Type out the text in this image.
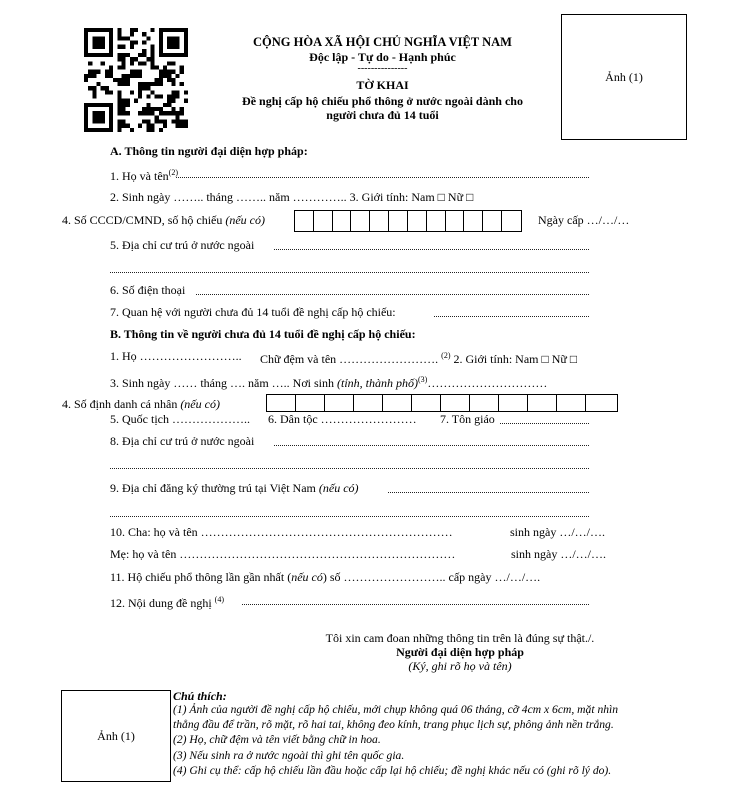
CỘNG HÒA XÃ HỘI CHỦ NGHĨA VIỆT NAM
Độc lập - Tự do - Hạnh phúc
---------------
TỜ KHAI
Đề nghị cấp hộ chiếu phổ thông ở nước ngoài dành cho
người chưa đủ 14 tuổi
Ảnh (1)
A. Thông tin người đại diện hợp pháp:
1. Họ và tên$^{(2)}$
2. Sinh ngày …….. tháng …….. năm ………….. 3. Giới tính: Nam □ Nữ □
4. Số CCCD/CMND, số hộ chiếu (nếu có)	Ngày cấp …/…/…
5. Địa chỉ cư trú ở nước ngoài
6. Số điện thoại
7. Quan hệ với người chưa đủ 14 tuổi đề nghị cấp hộ chiếu:
B. Thông tin về người chưa đủ 14 tuổi đề nghị cấp hộ chiếu:
1. Họ …………………….. Chữ đệm và tên ……………………. $^{(2)}$ 2. Giới tính: Nam □ Nữ □
3. Sinh ngày …… tháng …. năm ….. Nơi sinh (tỉnh, thành phố)$^{(3)}$…………………………
4. Số định danh cá nhân (nếu có)
5. Quốc tịch ……………….. 6. Dân tộc …………………… 7. Tôn giáo
8. Địa chỉ cư trú ở nước ngoài
9. Địa chỉ đăng ký thường trú tại Việt Nam (nếu có)
10. Cha: họ và tên ………………………………………………………	sinh ngày …/…/….
Mẹ: họ và tên ……………………………………………………………	sinh ngày …/…/….
11. Hộ chiếu phổ thông lần gần nhất (nếu có) số …………………….. cấp ngày …/…/….
12. Nội dung đề nghị $^{(4)}$
Tôi xin cam đoan những thông tin trên là đúng sự thật./.
Người đại diện hợp pháp
(Ký, ghi rõ họ và tên)
Ảnh (1)
Chú thích:
(1) Ảnh của người đề nghị cấp hộ chiếu, mới chụp không quá 06 tháng, cỡ 4cm x 6cm, mặt nhìn
thẳng đầu để trần, rõ mặt, rõ hai tai, không đeo kính, trang phục lịch sự, phông ảnh nền trắng.
(2) Họ, chữ đệm và tên viết bằng chữ in hoa.
(3) Nếu sinh ra ở nước ngoài thì ghi tên quốc gia.
(4) Ghi cụ thể: cấp hộ chiếu lần đầu hoặc cấp lại hộ chiếu; đề nghị khác nếu có (ghi rõ lý do).
